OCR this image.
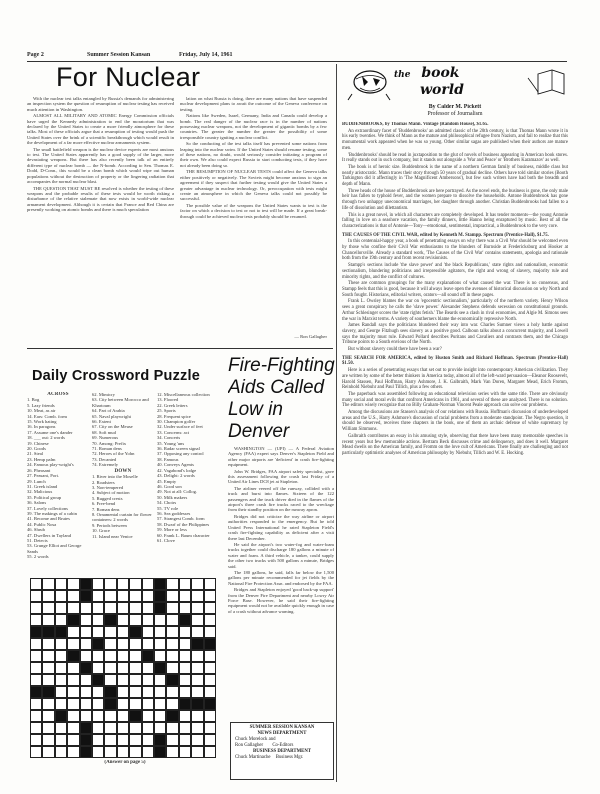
Page 2	Summer Session Kansan	Friday, July 14, 1961
For Nuclear

With the nuclear test talks entangled by Russia's demands for administering an inspection system the question of resumption of nuclear testing has received much attention in Washington.

ALMOST ALL MILITARY AND ATOMIC Energy Commission officials have urged the Kennedy administration to end the moratorium that was declared by the United States to create a more friendly atmosphere for these talks. Most of these officials argue that a resumption of testing would push the United States over the brink of a scientific breakthrough which would result in the development of a far more effective nuclear armaments system.

The small battlefield weapon is the nuclear device experts are most anxious to test. The United States apparently has a good supply of the larger, more devastating weapons. But there has also recently been talk of an entirely different type of nuclear bomb — the N-bomb. According to Sen. Thomas E. Dodd, D-Conn., this would be a clean bomb which would wipe out human populations without the destruction of property or the lingering radiation that accompanies the normal nuclear blast.

THE QUESTION THAT MUST BE resolved is whether the testing of these weapons and the probable results of these tests would be worth risking a disturbance of the relative stalemate that now exists in world-wide nuclear armament development. Although it is certain that France and Red China are presently working on atomic bombs and there is much speculation

lation on what Russia is doing, there are many nations that have suspended nuclear development plans to await the outcome of the Geneva conference on testing.

Nations like Sweden, Israel, Germany, India and Canada could develop a bomb. The real danger of the nuclear race is in the number of nations possessing nuclear weapons, not the development of gigantic bombs by a few countries. The greater the number the greater the possibility of some irresponsible country igniting a nuclear conflict.

So the conducting of the test talks itself has prevented some nations from leaping into the nuclear swim. If the United States should resume testing, some of these nations, no doubt, would seriously consider initiating a program of their own. We also could expect Russia to start conducting tests, if they have not already been doing so.

THE RESUMPTION OF NUCLEAR TESTS could affect the Geneva talks either positively or negatively. The Soviets might become anxious to sign an agreement if they suspect that further testing would give the United States a greater advantage in nuclear technology. Or, preoccupation with tests might create an atmosphere in which the Geneva talks could not possibly be successful.

The possible value of the weapons the United States wants to test is the factor on which a decision to test or not to test will be made. If a great break-through could be achieved nuclear tests probably should be resumed.

— Ron Gallagher
Daily Crossword Puzzle
ACROSS
1. Bog
5. Lazy friends
10. Meat, as air
14. Ears: Comb. form
15. Work hating
16. In paragons
17. Assume one's dander
18. ___ out: 2 words
19. Chinese
20. Goods
21. Steal
23. Hemp palm
24. Famous play-wright's
26. Pheasant
27. Peasant, Port.
29. Lunch
31. Greek island
32. Malicious
35. Political group
36. Salons
37. Lovely collections
39. The makings of a cabin
41. Become and Brutes
44. Public Nosa
46. Shrub
47. Dwellers in Tayland
51. Detects
53. Grunge Elliot and George Sands
55. 2 words
62. Mimicry
63. City between Morocco and Khartoum
64. Part of Arabia
65. Naval playwright
66. Extent
67. City on the Meuse
68. Soft mud
69. Numerous
70. Among: Prefix
71. Roman dens
72. Heroes of the Yohn
73. Decanted
74. Extremely
DOWN
1. River into the Moselle
2. Roadsters
3. Non-tempered
4. Subject of motion
5. Rugged crests
6. Free-bend
7. Roman dens
8. Ornamental curtain for flower containers: 2 words
9. Periods between
10. Grace
11. Island near Venice
12. Miscellaneous collection
13. Floored
22. Greek letters
25. Sports
28. Frequent spice
30. Champion golfer
32. Under surface of feet
33. Concerns: act
34. Concerts
35. Young 'uns
36. Radar screen signal
37. Opposing any control
38. Famous
40. Conveys Agents
42. Vagabond's lodge
43. Delight: 2 words
45. Empty
46. Good son
49. Not at all: Collog.
50. Milk makers
54. Choirs
55. TV role
56. Sea goddesses
57. Strangest Comb. form
58. Dwarf of the Philippines
59. More or less
60. Frank L. Baum character
61. Clove
(Answer on page 5)
Fire-Fighting Aids Called Low in Denver

WASHINGTON — (UPI) — A Federal Aviation Agency (FAA) expert says Denver's Stapleton Field and other major airports are 'deficient' in crash fire-fighting equipment.

John W. Bridges, FAA airport safety specialist, gave this assessment following the crash last Friday of a United Air Lines DC8 jet at Stapleton.

The airliner veered off the runway, collided with a truck and burst into flames. Sixteen of the 122 passengers and the truck driver died in the flames of the airport's three crash fire trucks raced to the wreckage from their standby position on the runway apron.

Bridges did not criticize the way airline or airport authorities responded to the emergency. But he told United Press International he rated Stapleton Field's crash fire-fighting capability as deficient after a visit there last December.

He said the airport's two water-fog and water-foam trucks together could discharge 180 gallons a minute of water and foam. A third vehicle, a tanker, could supply the other two trucks with 500 gallons a minute, Bridges said.

The 180 gallons, he said, falls far below the 1,500 gallons per minute recommended for jet fields by the National Fire Protection Assn. and endorsed by the FAA.

Bridges and Stapleton enjoyed 'good back-up support' from the Denver Fire Department and nearby Lowry Air Force Base. However, he said their fire-fighting equipment would not be available quickly enough in case of a crash without advance warning.

SUMMER SESSION KANSAN
NEWS DEPARTMENT
Chuck Morelock and
Ron Gallagher Co-Editors
BUSINESS DEPARTMENT
Chuck Martinache Business Mgr.
the book
world
By Calder M. Pickett
Professor of Journalism

BUDDENBROOKS, by Thomas Mann. Vintage (Random House), $1.65.

An extraordinary facet of 'Buddenbrooks' an admitted classic of the 20th century, is that Thomas Mann wrote it in his early twenties. We think of Mann as the mature and philosophical refugee from Nazism, and fail to realize that this monumental work appeared when he was so young. Other similar sagas are published when their authors are mature men.

'Buddenbrooks' should be read in juxtaposition to the glut of novels of business appearing in American book stores. It really stands out in such company, but it stands out alongside a 'War and Peace' or 'Brothers Karamazov' as well.

The book is of heroic size. Buddenbrook is the name of a northern German family of business, middle class but nearly aristocratic. Mann traces their story through 50 years of gradual decline. Others have told similar stories (Booth Tarkington did it affectingly in 'The Magnificent Ambersons'), but few such writers have had both the breadth and depth of Mann.

Three heads of the house of Buddenbrook are here portrayed. As the novel ends, the business is gone, the only male heir has fallen to typhoid fever, and the women prepare to dissolve the households. Antone Buddenbrook has gone through two unhappy uneconomical marriages, her daughter through another. Christian Buddenbrooks had fallen to a life of dissolution and dilettantism.

This is a great novel, in which all characters are completely developed. It has tender moments—the young Antonie falling in love on a seashore vacation, the family dinners, little Hanno being enraptured by music. Best of all the characterizations is that of Antonie—Tony—emotional, sentimental, impractical, a Buddenbrook to the very core.

THE CAUSES OF THE CIVIL WAR, edited by Kenneth M. Stampp. Spectrum (Prentice-Hall), $1.75.

In this centennial-happy year, a book of penetrating essays on why there was a Civil War should be welcomed even by those who confine their Civil War enthusiasms to the blunders of Burnside at Fredericksburg and Hooker at Chancellorsville. Already a standard work, 'The Causes of the Civil War' contains statements, apologia and rationale both from the 19th century and from recent revisionists.

Stampp's sections include 'the slave power' and 'the black Republicans,' state rights and nationalism, economic sectionalism, blundering politicians and irrepressible agitators, the right and wrong of slavery, majority rule and minority rights, and the conflict of cultures.

These are common groupings for the many explanations of what caused the war. There is no consensus, and Stampp feels that this is good, because it will always leave open the avenues of historical discussion on why North and South fought. Historians, editorial writers, orators—all sound off in these pages.

Frank L. Owsley blames the war on 'egocentric sectionalism,' particularly of the northern variety. Henry Wilson sees a great conspiracy he calls the 'slave power.' Alexander Stephens defends secession on constitutional grounds. Arthur Schlesinger scores the 'state rights fetish.' The Beards see a clash in rival economies, and Algie M. Simons sees the war in Marxist terms. A variety of southerners blame the economically repressive North.

James Randall says the politicians blundered their way into war. Charles Sumner views a holy battle against slavery, and George Fitzhugh sees slavery as a positive good. Calhoun talks about a concurrent majority, and Lowell says the majority must rule. Edward Pollard describes Puritans and Cavaliers and contrasts them, and the Chicago Tribune points to a South envious of the North.

But without slavery could there have been a war?

THE SEARCH FOR AMERICA, edited by Huston Smith and Richard Hoffman. Spectrum (Prentice-Hall) $1.50.

Here is a series of penetrating essays that set out to provide insight into contemporary American civilization. They are written by some of the better thinkers in America today, almost all of the left-ward persuasion—Eleanor Roosevelt, Harold Stassen, Paul Hoffman, Harry Ashmore, J. K. Galbraith, Mark Van Doren, Margaret Mead, Erich Fromm, Reinhold Niebuhr and Paul Tillich, plus a few others.

The paperback was assembled following an educational television series with the same title. There are obviously many social and moral evils that confront Americans in 1961, and several of these are analyzed. There is no solution. The editors wisely recognize that no Billy Graham-Norman Vincent Peale approach can solve our problems.

Among the discussions are Stassen's analysis of our relations with Russia. Hoffman's discussion of underdeveloped areas and the U.S., Harry Ashmore's discussion of racial problems from a moderate standpoint. The Negro question, it should be observed, receives three chapters in the book, one of them an archaic defense of white supremacy by William Simmons.

Galbraith contributes an essay in his amusing style, observing that there have been many memorable speeches in recent years but few memorable actions. Bertram Beck discusses crime and delinquency, and does it well. Margaret Mead dwells on the American family, and Fromm on the love cult of Americans. There finally are challenging and not particularly optimistic analyses of American philosophy by Niebuhr, Tillich and W. E. Hocking.
